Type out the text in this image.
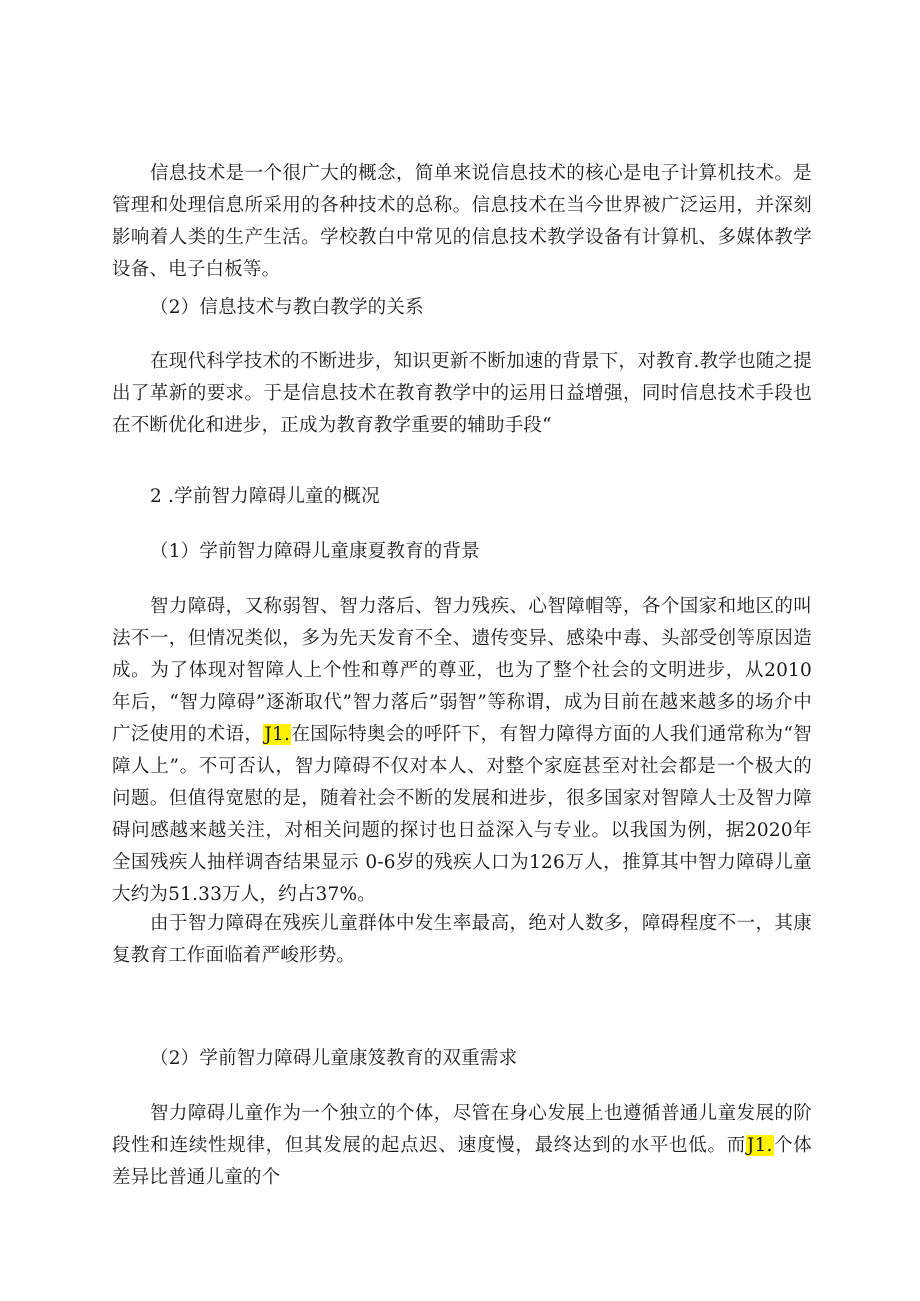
信息技术是一个很广大的概念，简单来说信息技术的核心是电子计算机技术。是管理和处理信息所采用的各种技术的总称。信息技术在当今世界被广泛运用，并深刻影响着人类的生产生活。学校教白中常见的信息技术教学设备有计算机、多媒体教学设备、电子白板等。

（2）信息技术与教白教学的关系

在现代科学技术的不断进步，知识更新不断加速的背景下，对教育.教学也随之提出了革新的要求。于是信息技术在教育教学中的运用日益增强，同时信息技术手段也在不断优化和进步，正成为教育教学重要的辅助手段“

2 .学前智力障碍儿童的概况

（1）学前智力障碍儿童康夏教育的背景

智力障碍，又称弱智、智力落后、智力残疾、心智障帽等，各个国家和地区的叫法不一，但情况类似，多为先天发育不全、遗传变异、感染中毒、头部受创等原因造成。为了体现对智障人上个性和尊严的尊亚，也为了整个社会的文明进步，从2010年后，“智力障碍”逐渐取代”智力落后”弱智”等称谓，成为目前在越来越多的场介中广泛使用的术语，J1.在国际特奥会的呼阡下，有智力障得方面的人我们通常称为“智障人上”。不可否认，智力障碍不仅对本人、对整个家庭甚至对社会都是一个极大的问题。但值得宽慰的是，随着社会不断的发展和进步，很多国家对智障人士及智力障碍问感越来越关注，对相关问题的探讨也日益深入与专业。以我国为例，据2020年全国残疾人抽样调杳结果显示 0-6岁的残疾人口为126万人，推算其中智力障碍儿童大约为51.33万人，约占37%。

由于智力障碍在残疾儿童群体中发生率最高，绝对人数多，障碍程度不一，其康复教育工作面临着严峻形势。

（2）学前智力障碍儿童康笈教育的双重需求

智力障碍儿童作为一个独立的个体，尽管在身心发展上也遵循普通儿童发展的阶段性和连续性规律，但其发展的起点迟、速度慢，最终达到的水平也低。而J1.个体差异比普通儿童的个
